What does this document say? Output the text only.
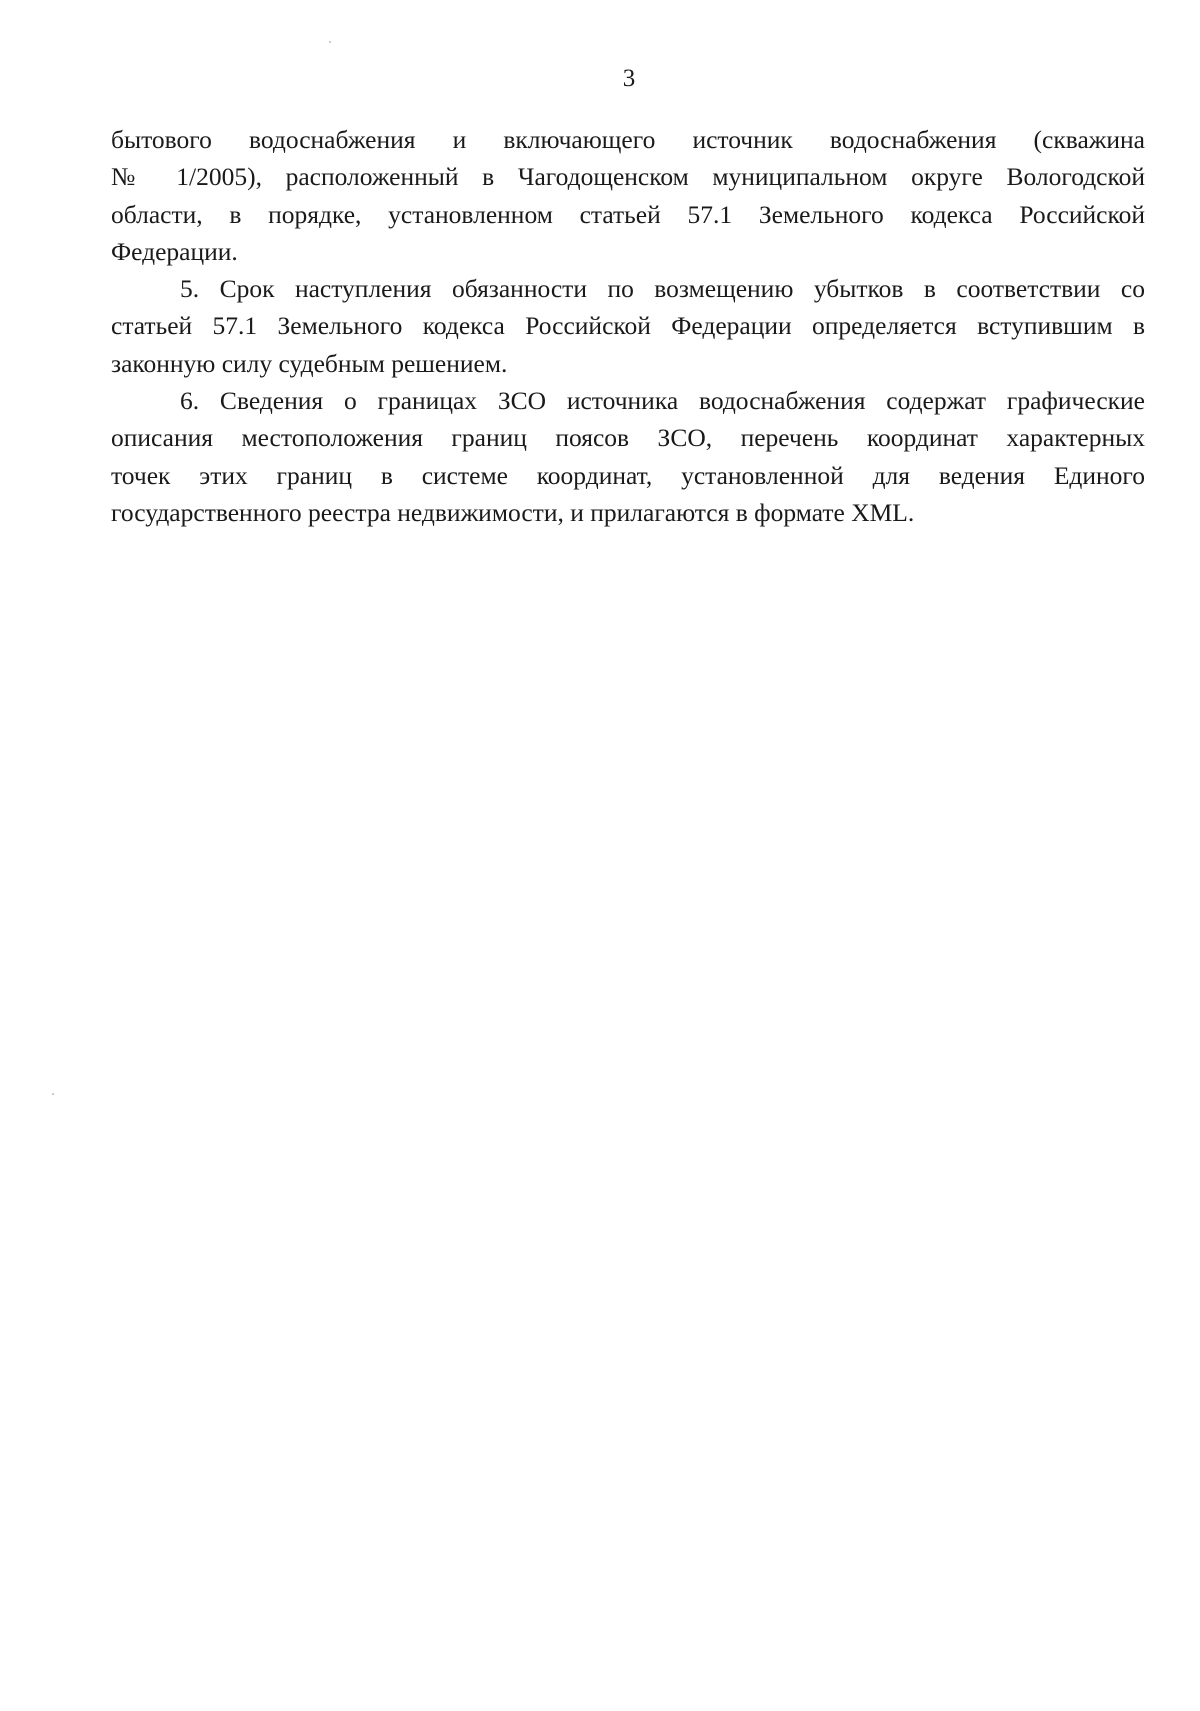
3

бытового водоснабжения и включающего источник водоснабжения (скважина
№ 1/2005), расположенный в Чагодощенском муниципальном округе Вологодской
области, в порядке, установленном статьей 57.1 Земельного кодекса Российской
Федерации.

5. Срок наступления обязанности по возмещению убытков в соответствии со
статьей 57.1 Земельного кодекса Российской Федерации определяется вступившим в
законную силу судебным решением.

6. Сведения о границах ЗСО источника водоснабжения содержат графические
описания местоположения границ поясов ЗСО, перечень координат характерных
точек этих границ в системе координат, установленной для ведения Единого
государственного реестра недвижимости, и прилагаются в формате XML.
